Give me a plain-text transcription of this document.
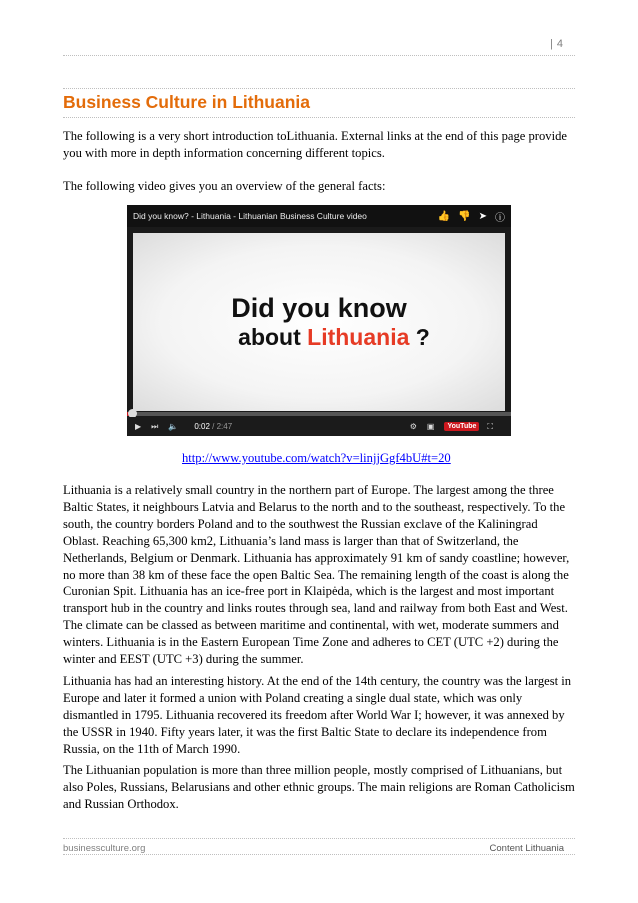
| 4
Business Culture in Lithuania

The following is a very short introduction toLithuania. External links at the end of this page provide you with more in depth information concerning different topics.

The following video gives you an overview of the general facts:

Did you know? - Lithuania - Lithuanian Business Culture video	👍 👎 ➤ ⓘ
Did you know
about Lithuania ?
▶ ⏭ 🔈 0:02 / 2:47	⚙ ▣	YouTube	⛶
http://www.youtube.com/watch?v=linjjGgf4bU#t=20

Lithuania is a relatively small country in the northern part of Europe. The largest among the three Baltic States, it neighbours Latvia and Belarus to the north and to the southeast, respectively. To the south, the country borders Poland and to the southwest the Russian exclave of the Kaliningrad Oblast. Reaching 65,300 km2, Lithuania’s land mass is larger than that of Switzerland, the Netherlands, Belgium or Denmark. Lithuania has approximately 91 km of sandy coastline; however, no more than 38 km of these face the open Baltic Sea. The remaining length of the coast is along the Curonian Spit. Lithuania has an ice-free port in Klaipėda, which is the largest and most important transport hub in the country and links routes through sea, land and railway from both East and West. The climate can be classed as between maritime and continental, with wet, moderate summers and winters. Lithuania is in the Eastern European Time Zone and adheres to CET (UTC +2) during the winter and EEST (UTC +3) during the summer.

Lithuania has had an interesting history. At the end of the 14th century, the country was the largest in Europe and later it formed a union with Poland creating a single dual state, which was only dismantled in 1795. Lithuania recovered its freedom after World War I; however, it was annexed by the USSR in 1940. Fifty years later, it was the first Baltic State to declare its independence from Russia, on the 11th of March 1990.

The Lithuanian population is more than three million people, mostly comprised of Lithuanians, but also Poles, Russians, Belarusians and other ethnic groups. The main religions are Roman Catholicism and Russian Orthodox.

businessculture.org	Content Lithuania
